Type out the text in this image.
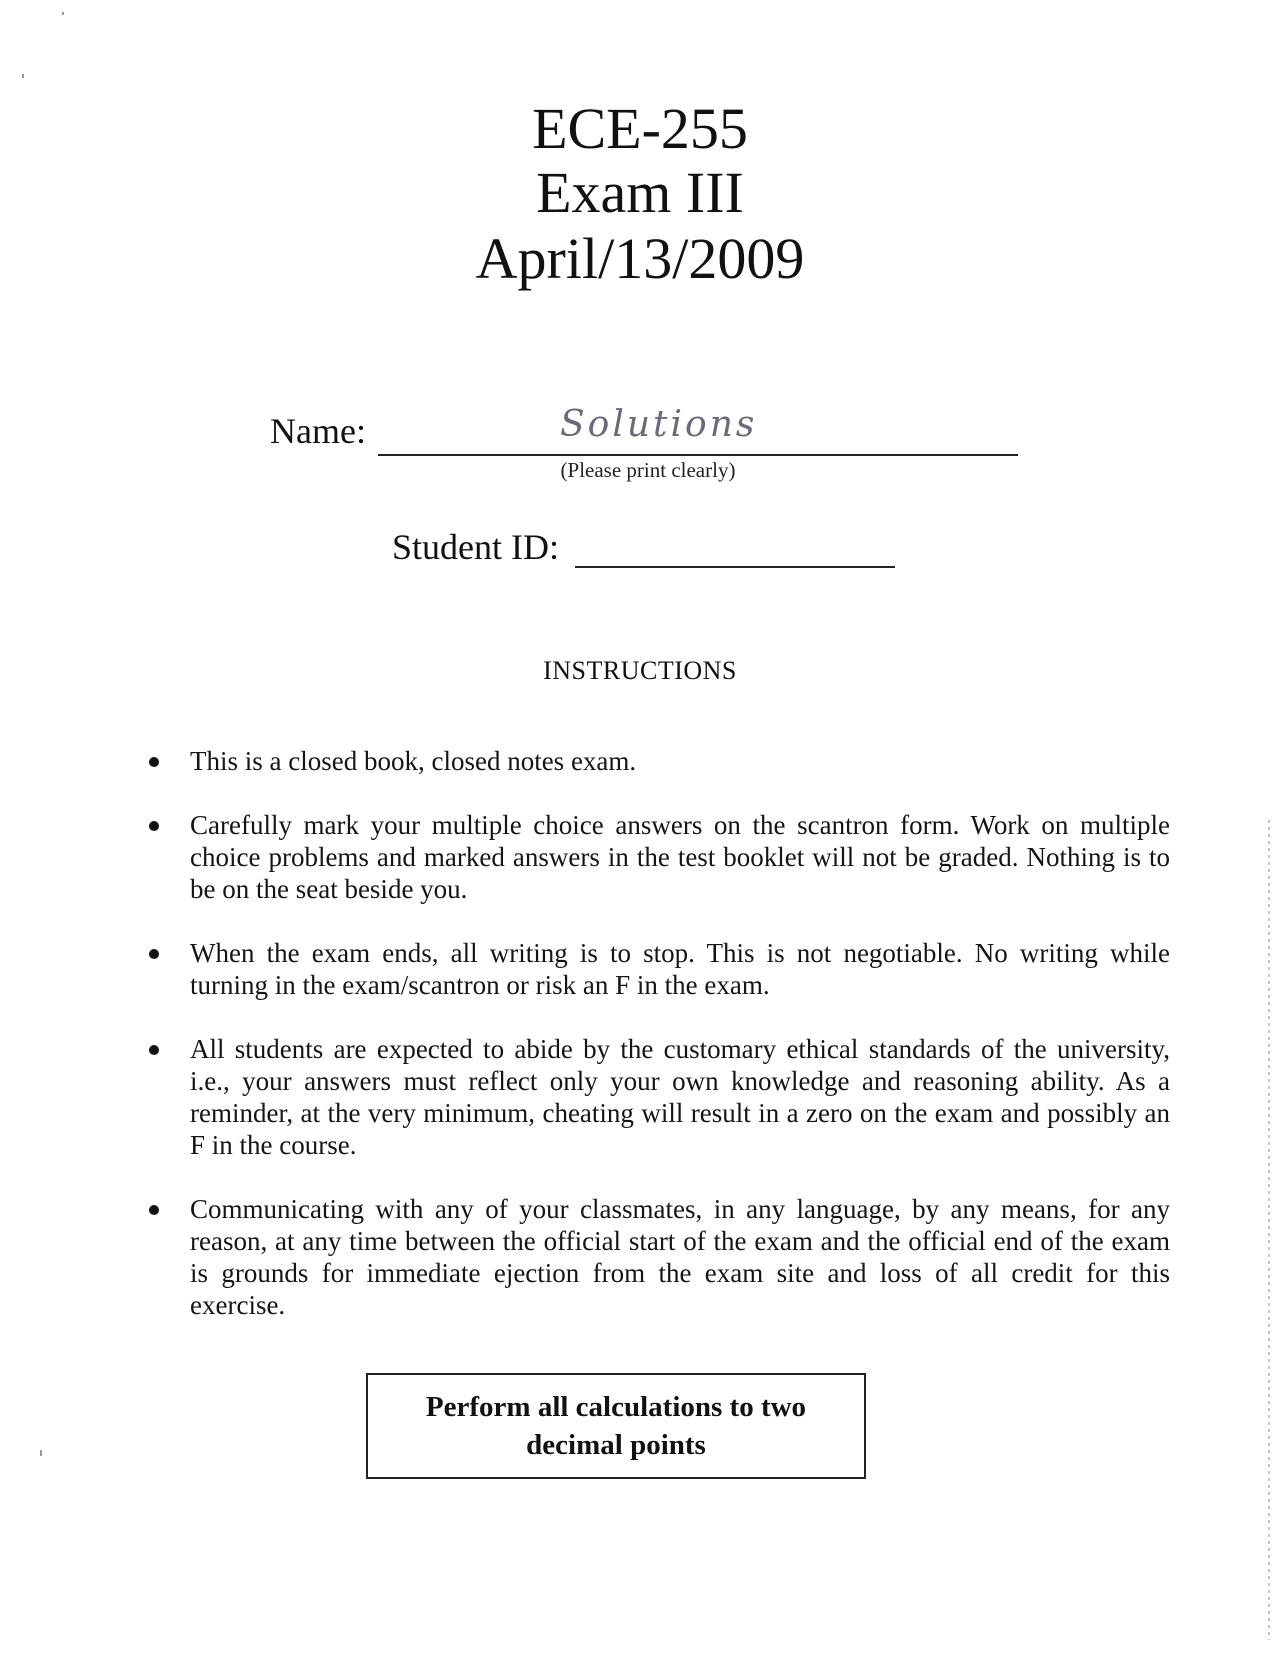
ECE-255
Exam III
April/13/2009
Name:	Solutions
(Please print clearly)
Student ID:
INSTRUCTIONS
This is a closed book, closed notes exam.
Carefully mark your multiple choice answers on the scantron form. Work on multiple choice problems and marked answers in the test booklet will not be graded. Nothing is to be on the seat beside you.
When the exam ends, all writing is to stop. This is not negotiable. No writing while turning in the exam/scantron or risk an F in the exam.
All students are expected to abide by the customary ethical standards of the university, i.e., your answers must reflect only your own knowledge and reasoning ability. As a reminder, at the very minimum, cheating will result in a zero on the exam and possibly an F in the course.
Communicating with any of your classmates, in any language, by any means, for any reason, at any time between the official start of the exam and the official end of the exam is grounds for immediate ejection from the exam site and loss of all credit for this exercise.
Perform all calculations to two decimal points
